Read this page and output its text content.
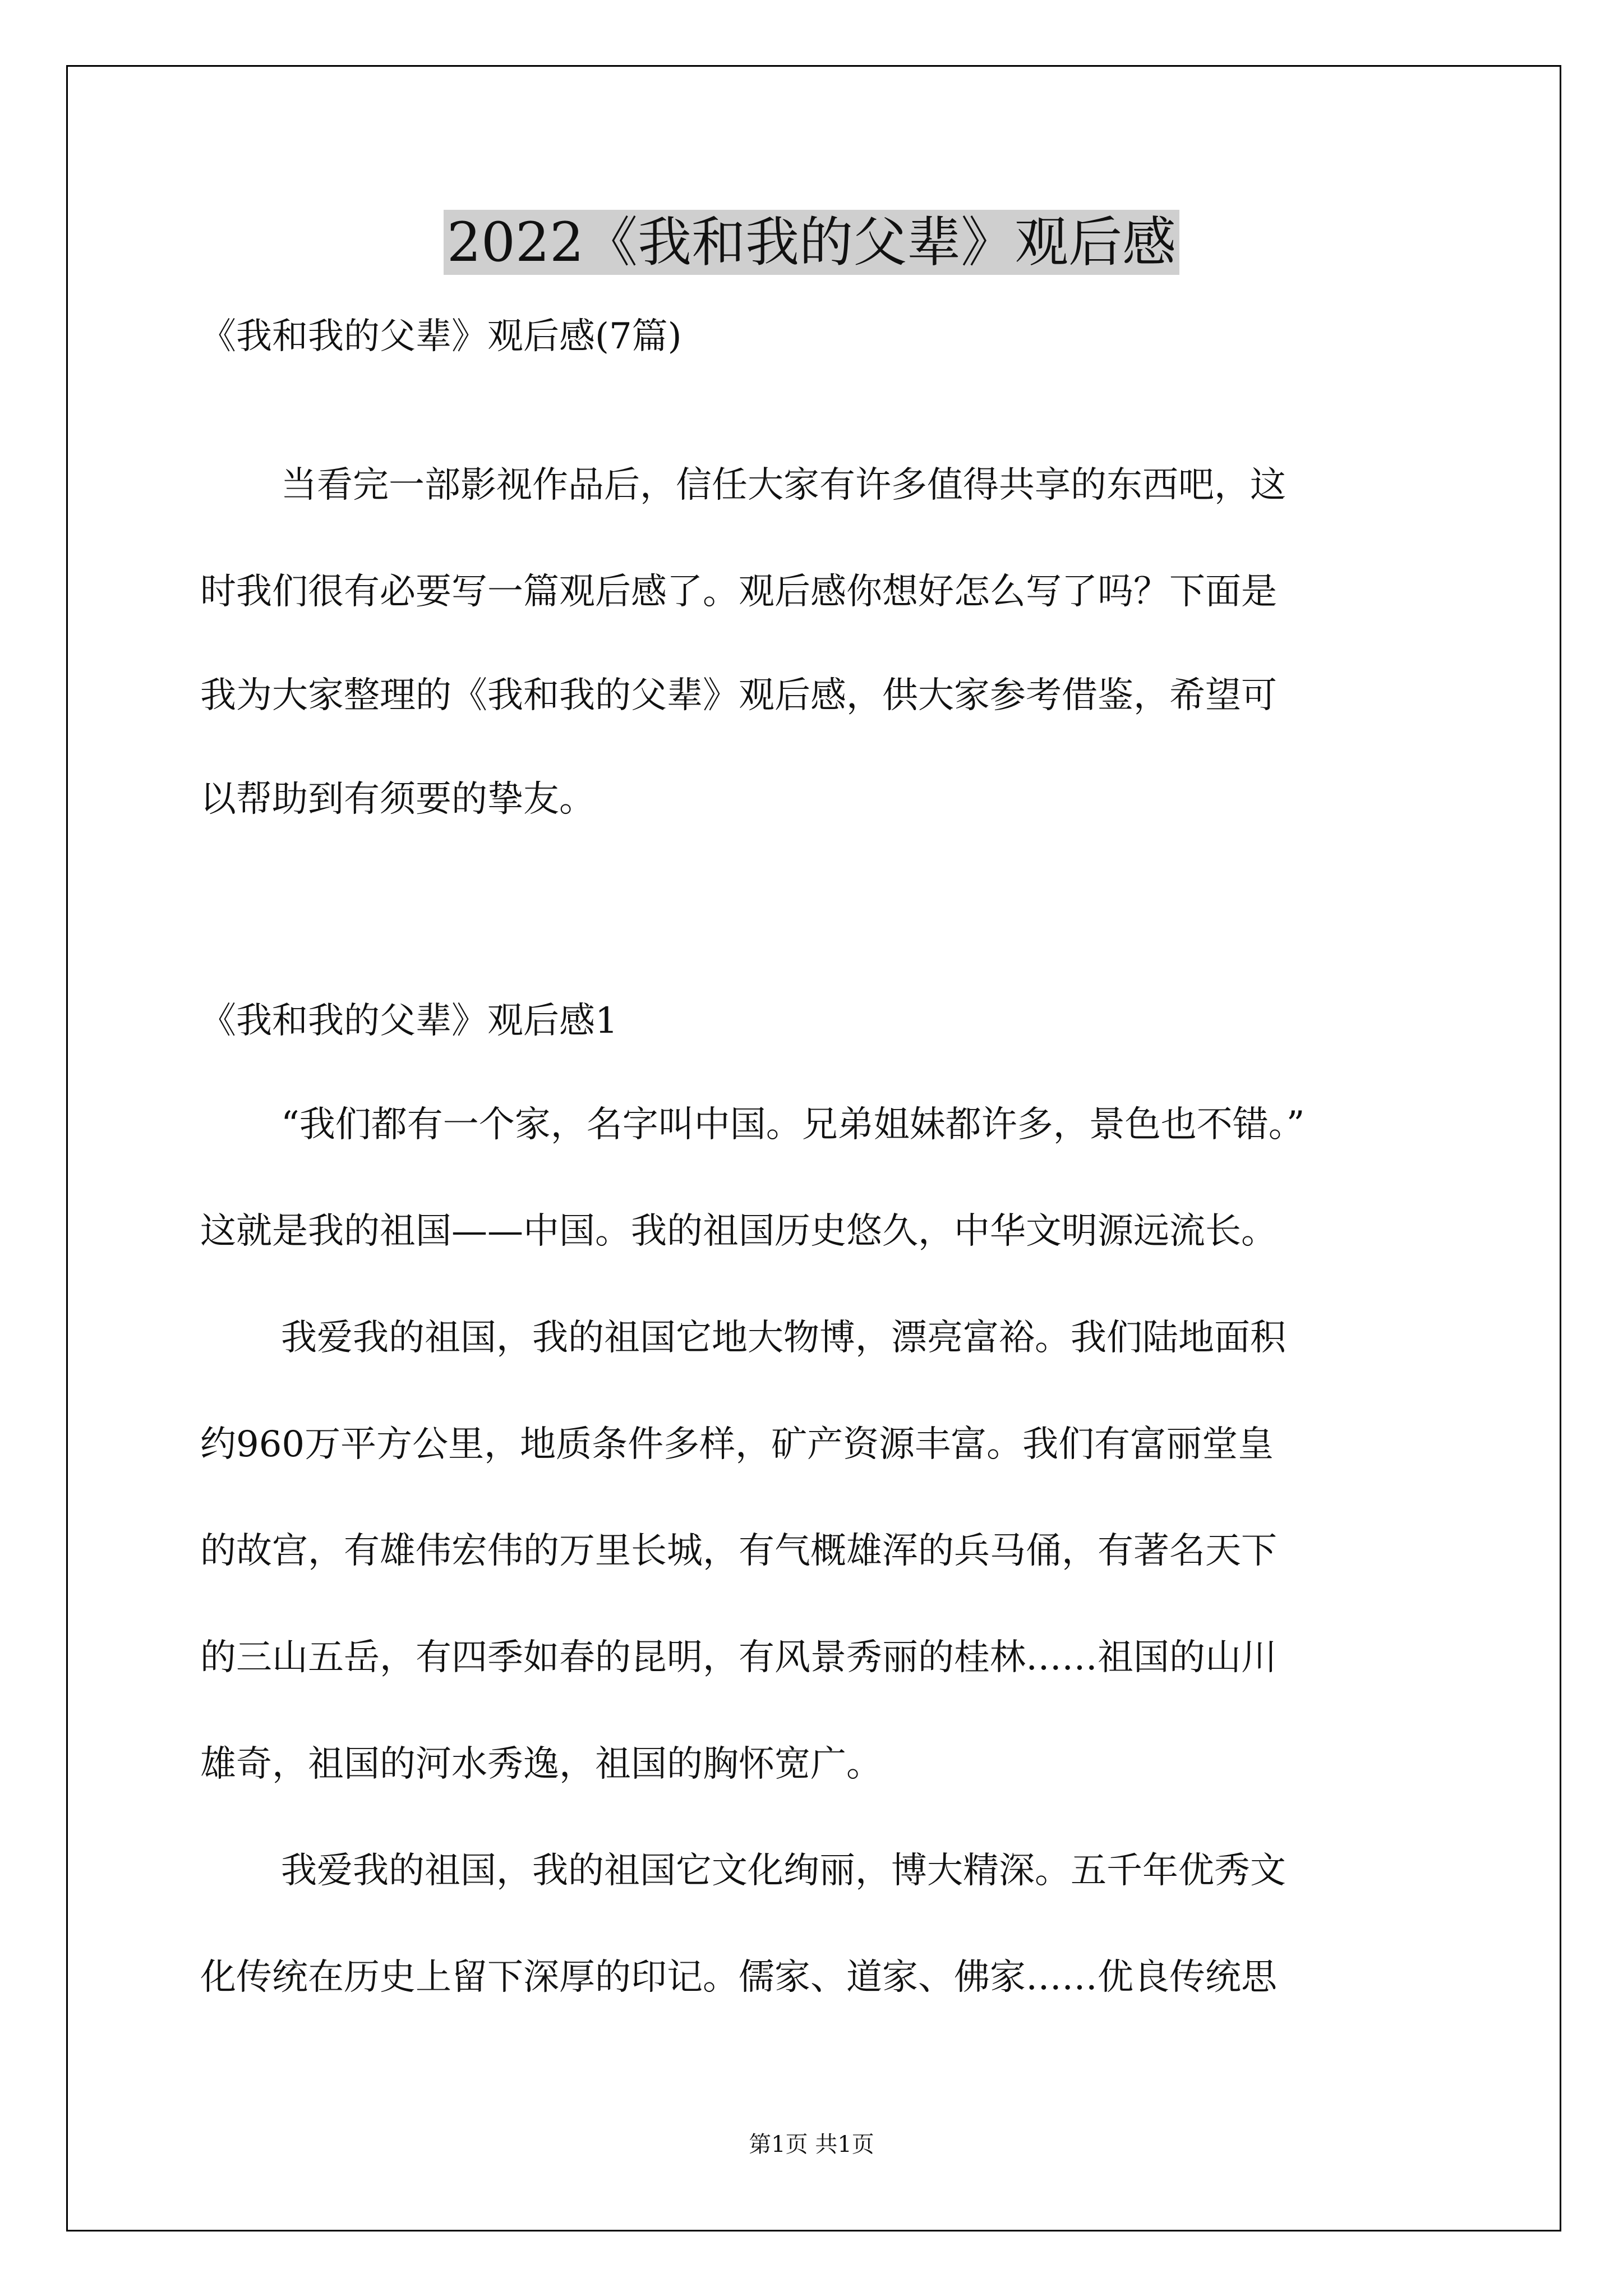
2022《我和我的父辈》观后感

《我和我的父辈》观后感(7篇)

当看完一部影视作品后，信任大家有许多值得共享的东西吧，这

时我们很有必要写一篇观后感了。观后感你想好怎么写了吗？下面是

我为大家整理的《我和我的父辈》观后感，供大家参考借鉴，希望可

以帮助到有须要的挚友。

《我和我的父辈》观后感1

“我们都有一个家，名字叫中国。兄弟姐妹都许多，景色也不错。”

这就是我的祖国——中国。我的祖国历史悠久，中华文明源远流长。

我爱我的祖国，我的祖国它地大物博，漂亮富裕。我们陆地面积

约960万平方公里，地质条件多样，矿产资源丰富。我们有富丽堂皇

的故宫，有雄伟宏伟的万里长城，有气概雄浑的兵马俑，有著名天下

的三山五岳，有四季如春的昆明，有风景秀丽的桂林……祖国的山川

雄奇，祖国的河水秀逸，祖国的胸怀宽广。

我爱我的祖国，我的祖国它文化绚丽，博大精深。五千年优秀文

化传统在历史上留下深厚的印记。儒家、道家、佛家……优良传统思

第1页 共1页
